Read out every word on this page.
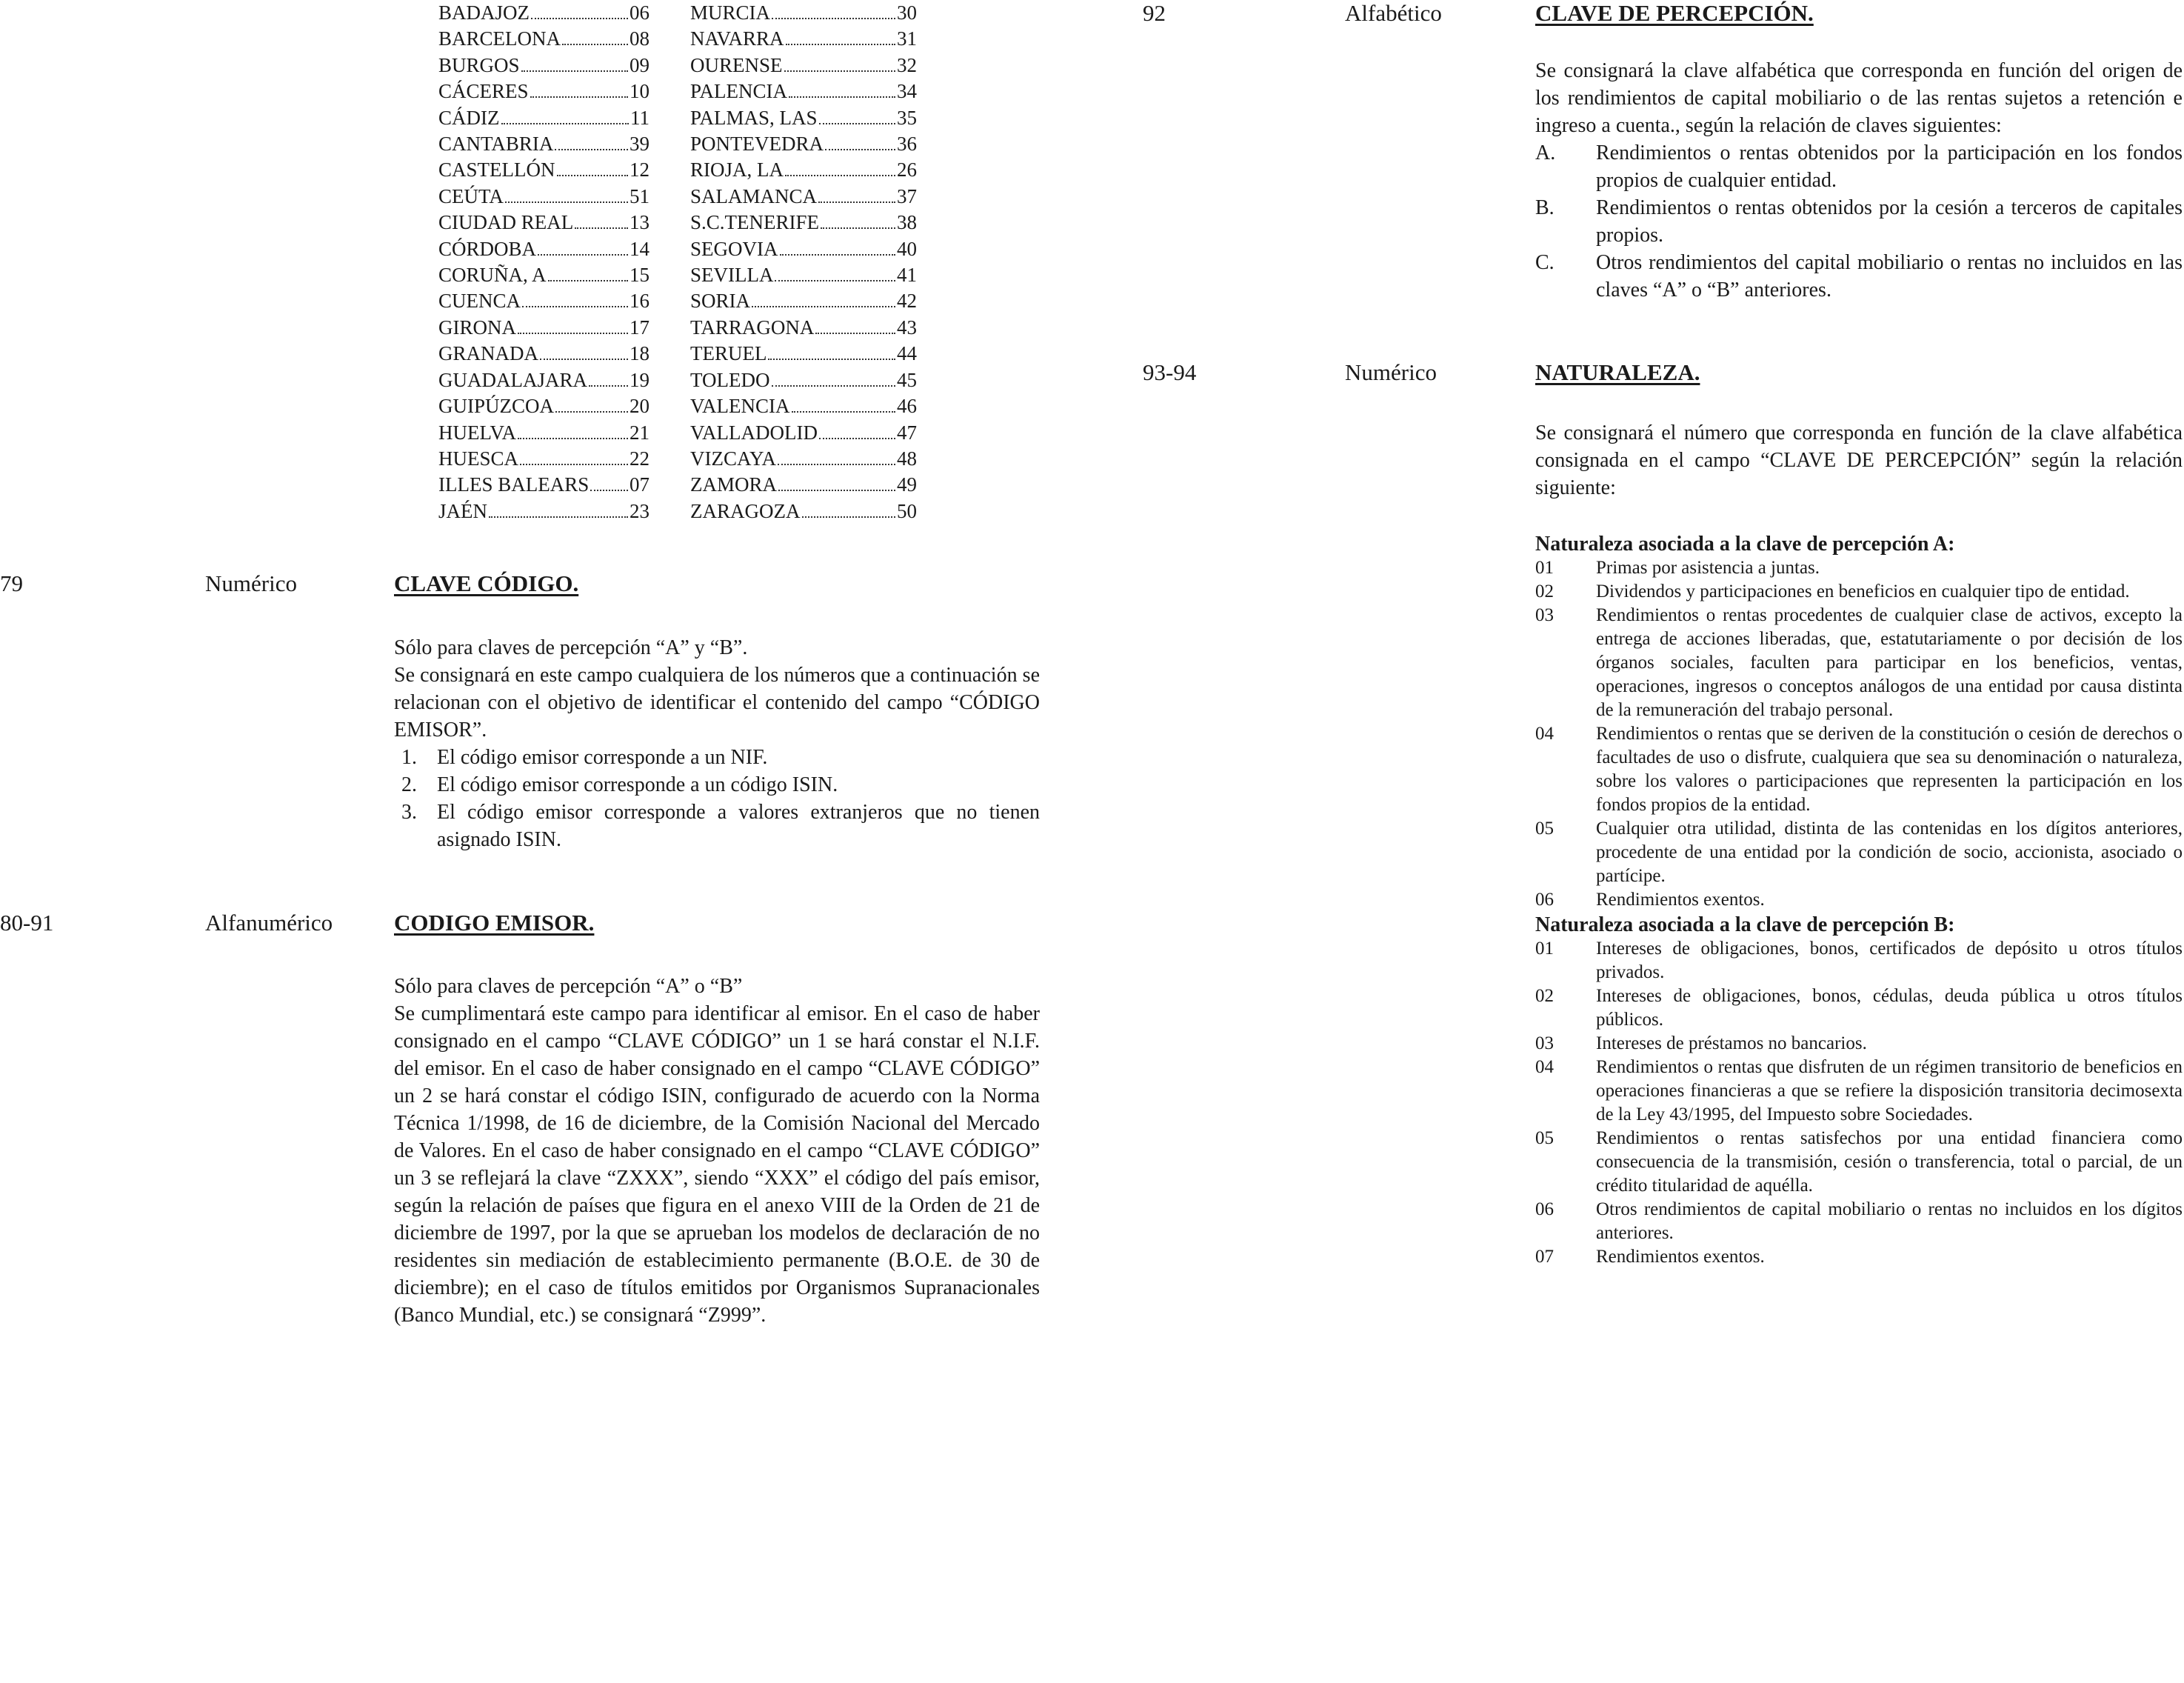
BADAJOZ	06
BARCELONA	08
BURGOS	09
CÁCERES	10
CÁDIZ	11
CANTABRIA	39
CASTELLÓN	12
CEÚTA	51
CIUDAD REAL	13
CÓRDOBA	14
CORUÑA, A	15
CUENCA	16
GIRONA	17
GRANADA	18
GUADALAJARA 19
GUIPÚZCOA	20
HUELVA	21
HUESCA	22
ILLES BALEARS 07
JAÉN	23
MURCIA	30
NAVARRA	31
OURENSE	32
PALENCIA	34
PALMAS, LAS	35
PONTEVEDRA	36
RIOJA, LA	26
SALAMANCA	37
S.C.TENERIFE	38
SEGOVIA	40
SEVILLA	41
SORIA	42
TARRAGONA	43
TERUEL	44
TOLEDO	45
VALENCIA	46
VALLADOLID	47
VIZCAYA	48
ZAMORA	49
ZARAGOZA	50
79	Numérico	CLAVE CÓDIGO.
Sólo para claves de percepción “A” y “B”.
Se consignará en este campo cualquiera de los números que a continuación se relacionan con el objetivo de identificar el contenido del campo “CÓDIGO EMISOR”.
1. El código emisor corresponde a un NIF.
2. El código emisor corresponde a un código ISIN.
3. El código emisor corresponde a valores extranjeros que no tienen asignado ISIN.
80-91	Alfanumérico	CODIGO EMISOR.
Sólo para claves de percepción “A” o “B”
Se cumplimentará este campo para identificar al emisor. En el caso de haber consignado en el campo “CLAVE CÓDIGO” un 1 se hará constar el N.I.F. del emisor. En el caso de haber consignado en el campo “CLAVE CÓDIGO” un 2 se hará constar el código ISIN, configurado de acuerdo con la Norma Técnica 1/1998, de 16 de diciembre, de la Comisión Nacional del Mercado de Valores. En el caso de haber consignado en el campo “CLAVE CÓDIGO” un 3 se reflejará la clave “ZXXX”, siendo “XXX” el código del país emisor, según la relación de países que figura en el anexo VIII de la Orden de 21 de diciembre de 1997, por la que se aprueban los modelos de declaración de no residentes sin mediación de establecimiento permanente (B.O.E. de 30 de diciembre); en el caso de títulos emitidos por Organismos Supranacionales (Banco Mundial, etc.) se consignará “Z999”.
92	Alfabético	CLAVE DE PERCEPCIÓN.
Se consignará la clave alfabética que corresponda en función del origen de los rendimientos de capital mobiliario o de las rentas sujetos a retención e ingreso a cuenta., según la relación de claves siguientes:
A.	Rendimientos o rentas obtenidos por la participación en los fondos propios de cualquier entidad.
B.	Rendimientos o rentas obtenidos por la cesión a terceros de capitales propios.
C.	Otros rendimientos del capital mobiliario o rentas no incluidos en las claves “A” o “B” anteriores.
93-94	Numérico	NATURALEZA.
Se consignará el número que corresponda en función de la clave alfabética consignada en el campo “CLAVE DE PERCEPCIÓN” según la relación siguiente:
Naturaleza asociada a la clave de percepción A:
01	Primas por asistencia a juntas.
02	Dividendos y participaciones en beneficios en cualquier tipo de entidad.
03	Rendimientos o rentas procedentes de cualquier clase de activos, excepto la entrega de acciones liberadas, que, estatutariamente o por decisión de los órganos sociales, faculten para participar en los beneficios, ventas, operaciones, ingresos o conceptos análogos de una entidad por causa distinta de la remuneración del trabajo personal.
04	Rendimientos o rentas que se deriven de la constitución o cesión de derechos o facultades de uso o disfrute, cualquiera que sea su denominación o naturaleza, sobre los valores o participaciones que representen la participación en los fondos propios de la entidad.
05	Cualquier otra utilidad, distinta de las contenidas en los dígitos anteriores, procedente de una entidad por la condición de socio, accionista, asociado o partícipe.
06	Rendimientos exentos.
Naturaleza asociada a la clave de percepción B:
01	Intereses de obligaciones, bonos, certificados de depósito u otros títulos privados.
02	Intereses de obligaciones, bonos, cédulas, deuda pública u otros títulos públicos.
03	Intereses de préstamos no bancarios.
04	Rendimientos o rentas que disfruten de un régimen transitorio de beneficios en operaciones financieras a que se refiere la disposición transitoria decimosexta de la Ley 43/1995, del Impuesto sobre Sociedades.
05	Rendimientos o rentas satisfechos por una entidad financiera como consecuencia de la transmisión, cesión o transferencia, total o parcial, de un crédito titularidad de aquélla.
06	Otros rendimientos de capital mobiliario o rentas no incluidos en los dígitos anteriores.
07	Rendimientos exentos.
